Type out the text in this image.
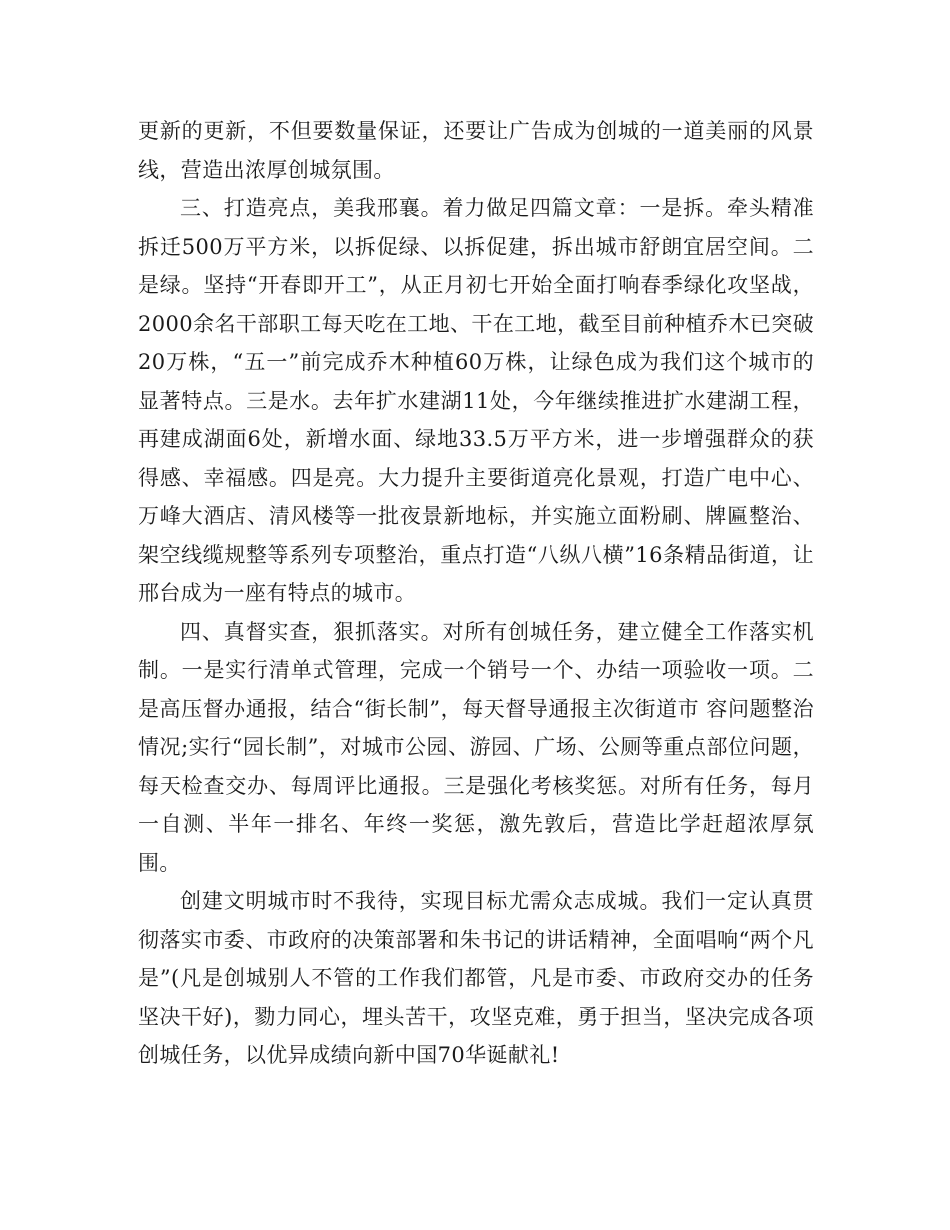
更新的更新，不但要数量保证，还要让广告成为创城的一道美丽的风景线，营造出浓厚创城氛围。

三、打造亮点，美我邢襄。着力做足四篇文章：一是拆。牵头精准拆迁500万平方米，以拆促绿、以拆促建，拆出城市舒朗宜居空间。二是绿。坚持“开春即开工”，从正月初七开始全面打响春季绿化攻坚战，2000余名干部职工每天吃在工地、干在工地，截至目前种植乔木已突破20万株，“五一”前完成乔木种植60万株，让绿色成为我们这个城市的显著特点。三是水。去年扩水建湖11处，今年继续推进扩水建湖工程，再建成湖面6处，新增水面、绿地33.5万平方米，进一步增强群众的获得感、幸福感。四是亮。大力提升主要街道亮化景观，打造广电中心、万峰大酒店、清风楼等一批夜景新地标，并实施立面粉刷、牌匾整治、架空线缆规整等系列专项整治，重点打造“八纵八横”16条精品街道，让邢台成为一座有特点的城市。

四、真督实查，狠抓落实。对所有创城任务，建立健全工作落实机制。一是实行清单式管理，完成一个销号一个、办结一项验收一项。二是高压督办通报，结合“街长制”，每天督导通报主次街道市 容问题整治情况;实行“园长制”，对城市公园、游园、广场、公厕等重点部位问题，每天检查交办、每周评比通报。三是强化考核奖惩。对所有任务，每月一自测、半年一排名、年终一奖惩，激先敦后，营造比学赶超浓厚氛围。

创建文明城市时不我待，实现目标尤需众志成城。我们一定认真贯彻落实市委、市政府的决策部署和朱书记的讲话精神，全面唱响“两个凡是”(凡是创城别人不管的工作我们都管，凡是市委、市政府交办的任务坚决干好)，勠力同心，埋头苦干，攻坚克难，勇于担当，坚决完成各项创城任务，以优异成绩向新中国70华诞献礼!
